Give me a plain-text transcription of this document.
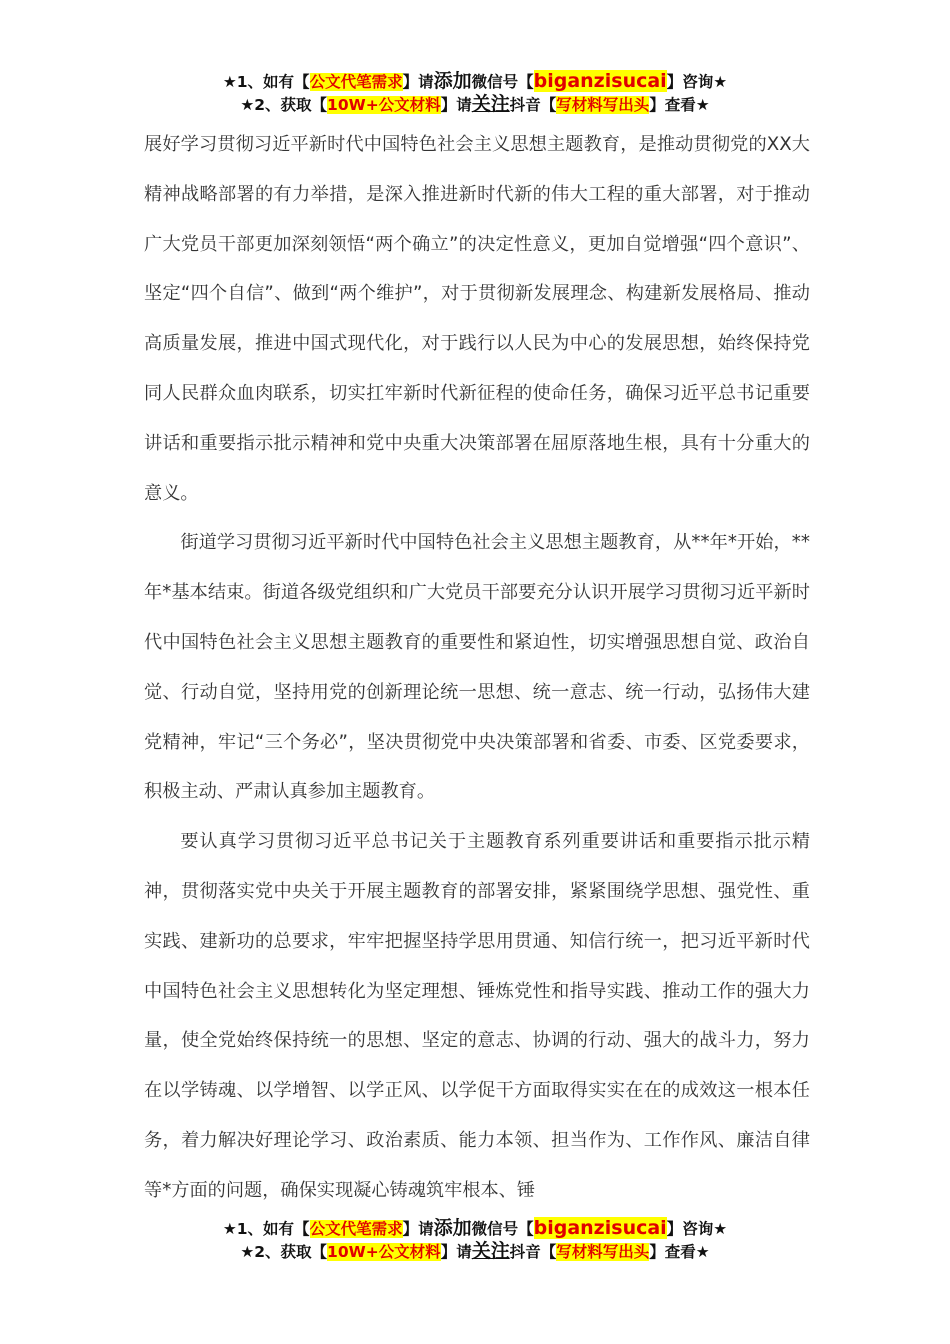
★1、如有【公文代笔需求】请添加微信号【biganzisucai】咨询★
★2、获取【10W+公文材料】请关注抖音【写材料写出头】查看★

展好学习贯彻习近平新时代中国特色社会主义思想主题教育，是推动贯彻党的XX大精神战略部署的有力举措，是深入推进新时代新的伟大工程的重大部署，对于推动广大党员干部更加深刻领悟“两个确立”的决定性意义，更加自觉增强“四个意识”、坚定“四个自信”、做到“两个维护”，对于贯彻新发展理念、构建新发展格局、推动高质量发展，推进中国式现代化，对于践行以人民为中心的发展思想，始终保持党同人民群众血肉联系，切实扛牢新时代新征程的使命任务，确保习近平总书记重要讲话和重要指示批示精神和党中央重大决策部署在屈原落地生根，具有十分重大的意义。

街道学习贯彻习近平新时代中国特色社会主义思想主题教育，从**年*开始，**年*基本结束。街道各级党组织和广大党员干部要充分认识开展学习贯彻习近平新时代中国特色社会主义思想主题教育的重要性和紧迫性，切实增强思想自觉、政治自觉、行动自觉，坚持用党的创新理论统一思想、统一意志、统一行动，弘扬伟大建党精神，牢记“三个务必”，坚决贯彻党中央决策部署和省委、市委、区党委要求，积极主动、严肃认真参加主题教育。

要认真学习贯彻习近平总书记关于主题教育系列重要讲话和重要指示批示精神，贯彻落实党中央关于开展主题教育的部署安排，紧紧围绕学思想、强党性、重实践、建新功的总要求，牢牢把握坚持学思用贯通、知信行统一，把习近平新时代中国特色社会主义思想转化为坚定理想、锤炼党性和指导实践、推动工作的强大力量，使全党始终保持统一的思想、坚定的意志、协调的行动、强大的战斗力，努力在以学铸魂、以学增智、以学正风、以学促干方面取得实实在在的成效这一根本任务，着力解决好理论学习、政治素质、能力本领、担当作为、工作作风、廉洁自律等*方面的问题，确保实现凝心铸魂筑牢根本、锤

★1、如有【公文代笔需求】请添加微信号【biganzisucai】咨询★
★2、获取【10W+公文材料】请关注抖音【写材料写出头】查看★
